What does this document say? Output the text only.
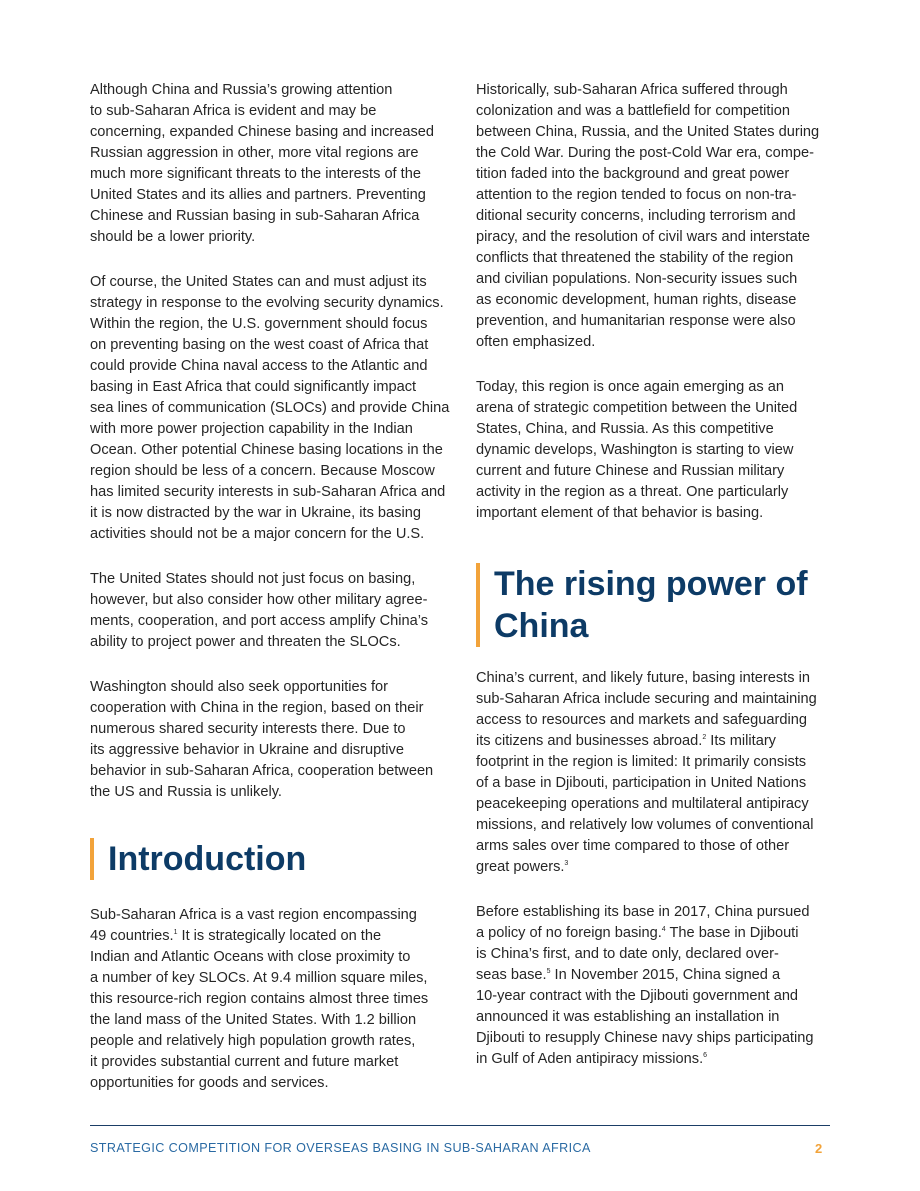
Although China and Russia’s growing attention
to sub-Saharan Africa is evident and may be
concerning, expanded Chinese basing and increased
Russian aggression in other, more vital regions are
much more significant threats to the interests of the
United States and its allies and partners. Preventing
Chinese and Russian basing in sub-Saharan Africa
should be a lower priority.

Of course, the United States can and must adjust its
strategy in response to the evolving security dynamics.
Within the region, the U.S. government should focus
on preventing basing on the west coast of Africa that
could provide China naval access to the Atlantic and
basing in East Africa that could significantly impact
sea lines of communication (SLOCs) and provide China
with more power projection capability in the Indian
Ocean. Other potential Chinese basing locations in the
region should be less of a concern. Because Moscow
has limited security interests in sub-Saharan Africa and
it is now distracted by the war in Ukraine, its basing
activities should not be a major concern for the U.S.

The United States should not just focus on basing,
however, but also consider how other military agree-
ments, cooperation, and port access amplify China’s
ability to project power and threaten the SLOCs.

Washington should also seek opportunities for
cooperation with China in the region, based on their
numerous shared security interests there. Due to
its aggressive behavior in Ukraine and disruptive
behavior in sub-Saharan Africa, cooperation between
the US and Russia is unlikely.

Introduction

Sub-Saharan Africa is a vast region encompassing
49 countries.$^1$ It is strategically located on the
Indian and Atlantic Oceans with close proximity to
a number of key SLOCs. At 9.4 million square miles,
this resource-rich region contains almost three times
the land mass of the United States. With 1.2 billion
people and relatively high population growth rates,
it provides substantial current and future market
opportunities for goods and services.

Historically, sub-Saharan Africa suffered through
colonization and was a battlefield for competition
between China, Russia, and the United States during
the Cold War. During the post-Cold War era, compe-
tition faded into the background and great power
attention to the region tended to focus on non-tra-
ditional security concerns, including terrorism and
piracy, and the resolution of civil wars and interstate
conflicts that threatened the stability of the region
and civilian populations. Non-security issues such
as economic development, human rights, disease
prevention, and humanitarian response were also
often emphasized.

Today, this region is once again emerging as an
arena of strategic competition between the United
States, China, and Russia. As this competitive
dynamic develops, Washington is starting to view
current and future Chinese and Russian military
activity in the region as a threat. One particularly
important element of that behavior is basing.

The rising power of
China

China’s current, and likely future, basing interests in
sub-Saharan Africa include securing and maintaining
access to resources and markets and safeguarding
its citizens and businesses abroad.$^2$ Its military
footprint in the region is limited: It primarily consists
of a base in Djibouti, participation in United Nations
peacekeeping operations and multilateral antipiracy
missions, and relatively low volumes of conventional
arms sales over time compared to those of other
great powers.$^3$

Before establishing its base in 2017, China pursued
a policy of no foreign basing.$^4$ The base in Djibouti
is China’s first, and to date only, declared over-
seas base.$^5$ In November 2015, China signed a
10-year contract with the Djibouti government and
announced it was establishing an installation in
Djibouti to resupply Chinese navy ships participating
in Gulf of Aden antipiracy missions.$^6$

STRATEGIC COMPETITION FOR OVERSEAS BASING IN SUB-SAHARAN AFRICA	2
